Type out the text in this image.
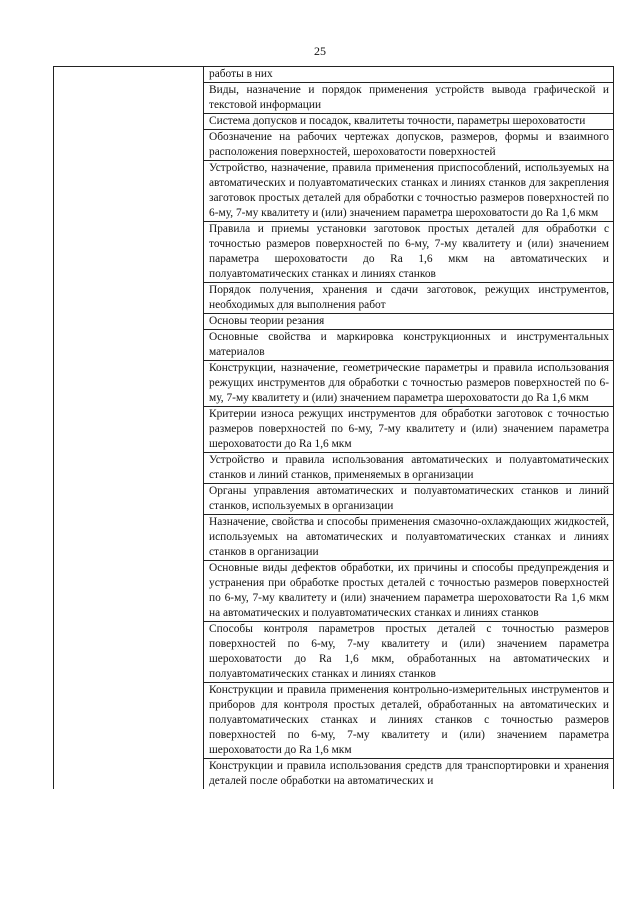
25

	работы в них

	Виды, назначение и порядок применения устройств вывода графической и текстовой информации

	Система допусков и посадок, квалитеты точности, параметры шероховатости

	Обозначение на рабочих чертежах допусков, размеров, формы и взаимного расположения поверхностей, шероховатости поверхностей

	Устройство, назначение, правила применения приспособлений, используемых на автоматических и полуавтоматических станках и линиях станков для закрепления заготовок простых деталей для обработки с точностью размеров поверхностей по 6-му, 7-му квалитету и (или) значением параметра шероховатости до Ra 1,6 мкм

	Правила и приемы установки заготовок простых деталей для обработки с точностью размеров поверхностей по 6-му, 7-му квалитету и (или) значением параметра шероховатости до Ra 1,6 мкм на автоматических и полуавтоматических станках и линиях станков

	Порядок получения, хранения и сдачи заготовок, режущих инструментов, необходимых для выполнения работ

	Основы теории резания

	Основные свойства и маркировка конструкционных и инструментальных материалов

	Конструкции, назначение, геометрические параметры и правила использования режущих инструментов для обработки с точностью размеров поверхностей по 6-му, 7-му квалитету и (или) значением параметра шероховатости до Ra 1,6 мкм

	Критерии износа режущих инструментов для обработки заготовок с точностью размеров поверхностей по 6-му, 7-му квалитету и (или) значением параметра шероховатости до Ra 1,6 мкм

	Устройство и правила использования автоматических и полуавтоматических станков и линий станков, применяемых в организации

	Органы управления автоматических и полуавтоматических станков и линий станков, используемых в организации

	Назначение, свойства и способы применения смазочно-охлаждающих жидкостей, используемых на автоматических и полуавтоматических станках и линиях станков в организации

	Основные виды дефектов обработки, их причины и способы предупреждения и устранения при обработке простых деталей с точностью размеров поверхностей по 6-му, 7-му квалитету и (или) значением параметра шероховатости Ra 1,6 мкм на автоматических и полуавтоматических станках и линиях станков

	Способы контроля параметров простых деталей с точностью размеров поверхностей по 6-му, 7-му квалитету и (или) значением параметра шероховатости до Ra 1,6 мкм, обработанных на автоматических и полуавтоматических станках и линиях станков

	Конструкции и правила применения контрольно-измерительных инструментов и приборов для контроля простых деталей, обработанных на автоматических и полуавтоматических станках и линиях станков с точностью размеров поверхностей по 6-му, 7-му квалитету и (или) значением параметра шероховатости до Ra 1,6 мкм

	Конструкции и правила использования средств для транспортировки и хранения деталей после обработки на автоматических и
